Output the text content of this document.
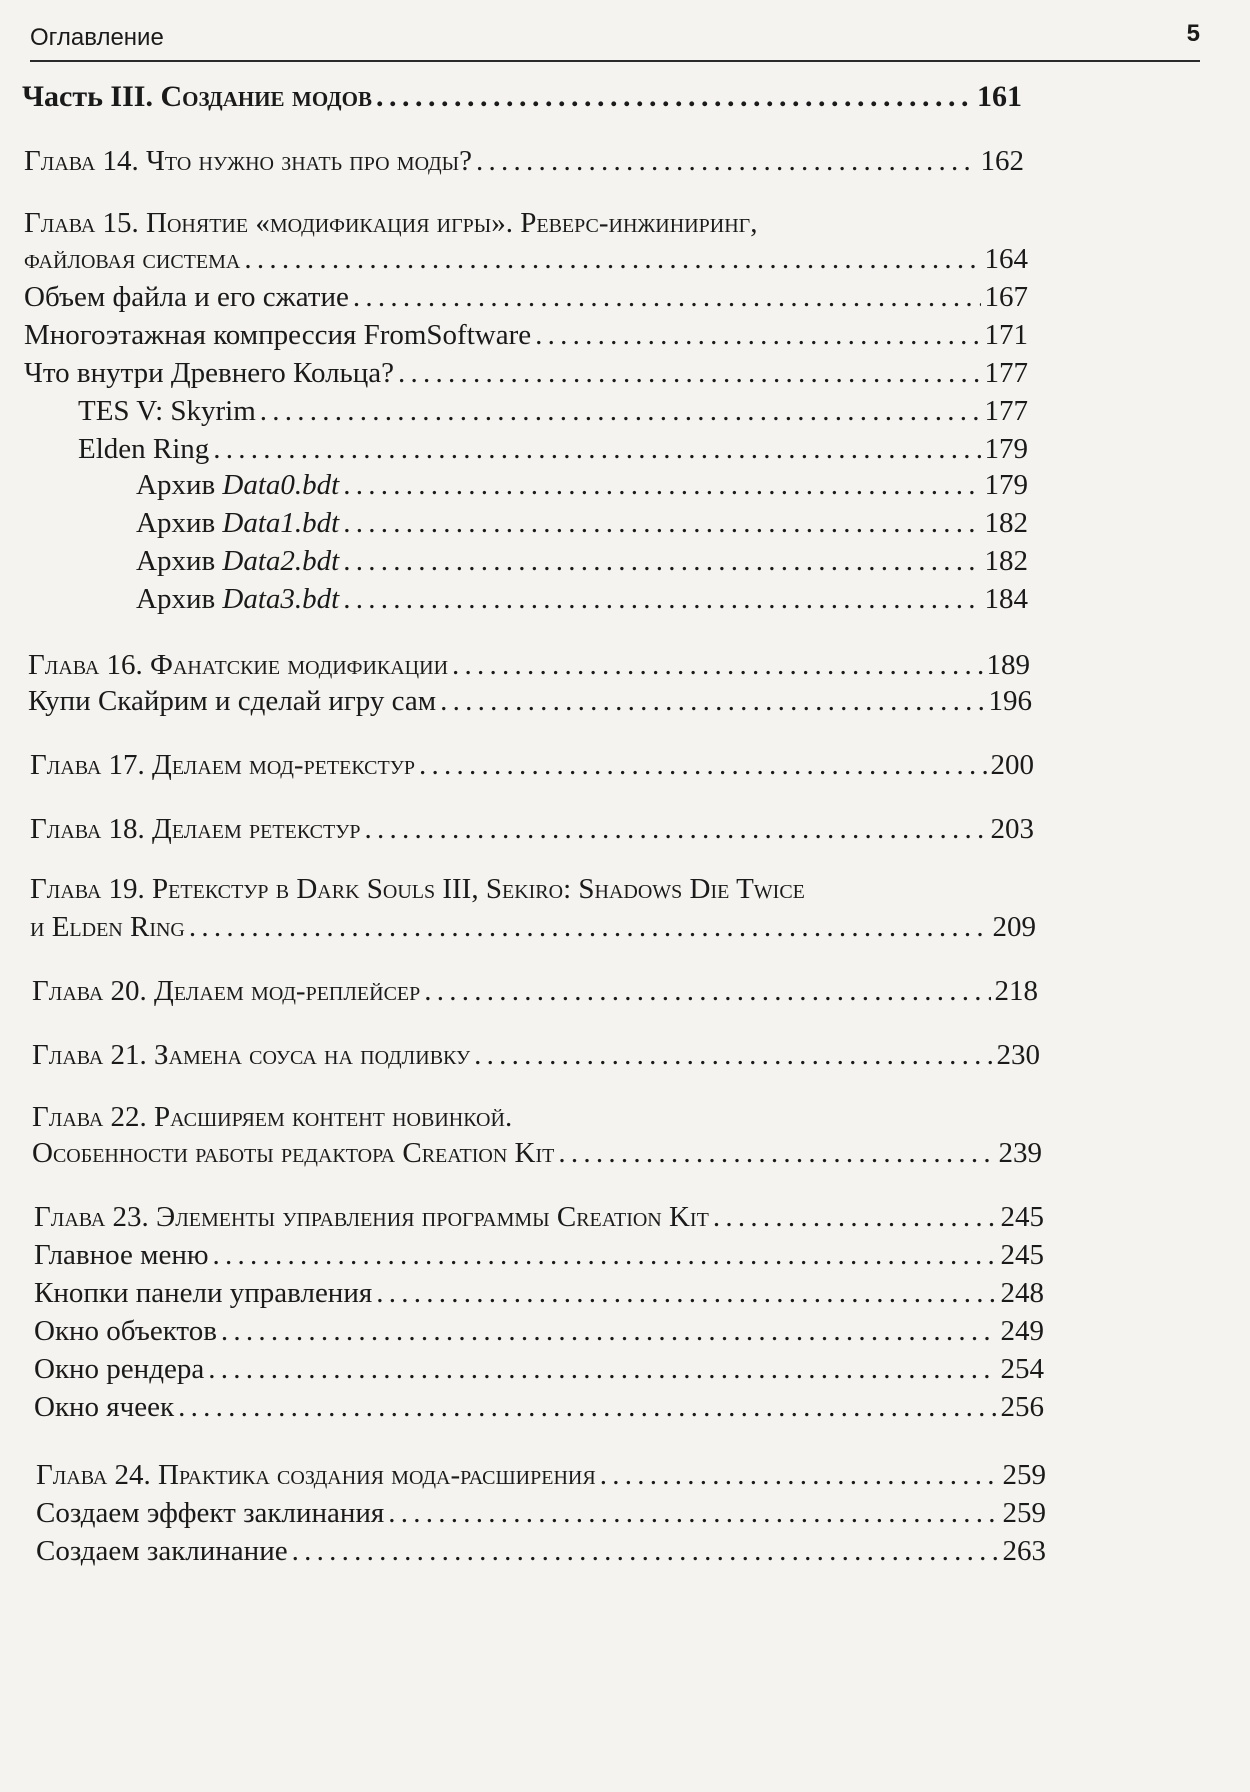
Оглавление	5
Часть III. Создание модов . . .	161
Глава 14. Что нужно знать про моды? . . .	162
Глава 15. Понятие «модификация игры». Реверс-инжиниринг,
файловая система . . .	164
Объем файла и его сжатие . . .	167
Многоэтажная компрессия FromSoftware . . .	171
Что внутри Древнего Кольца? . . .	177
TES V: Skyrim . . .	177
Elden Ring . . .	179
Архив Data0.bdt . . .	179
Архив Data1.bdt . . .	182
Архив Data2.bdt . . .	182
Архив Data3.bdt . . .	184
Глава 16. Фанатские модификации . . .	189
Купи Скайрим и сделай игру сам . . .	196
Глава 17. Делаем мод-ретекстур . . .	200
Глава 18. Делаем ретекстур . . .	203
Глава 19. Ретекстур в Dark Souls III, Sekiro: Shadows Die Twice
и Elden Ring . . .	209
Глава 20. Делаем мод-реплейсер . . .	218
Глава 21. Замена соуса на подливку . . .	230
Глава 22. Расширяем контент новинкой.
Особенности работы редактора Creation Kit . . .	239
Глава 23. Элементы управления программы Creation Kit . . .	245
Главное меню . . .	245
Кнопки панели управления . . .	248
Окно объектов . . .	249
Окно рендера . . .	254
Окно ячеек . . .	256
Глава 24. Практика создания мода-расширения . . .	259
Создаем эффект заклинания . . .	259
Создаем заклинание . . .	263
